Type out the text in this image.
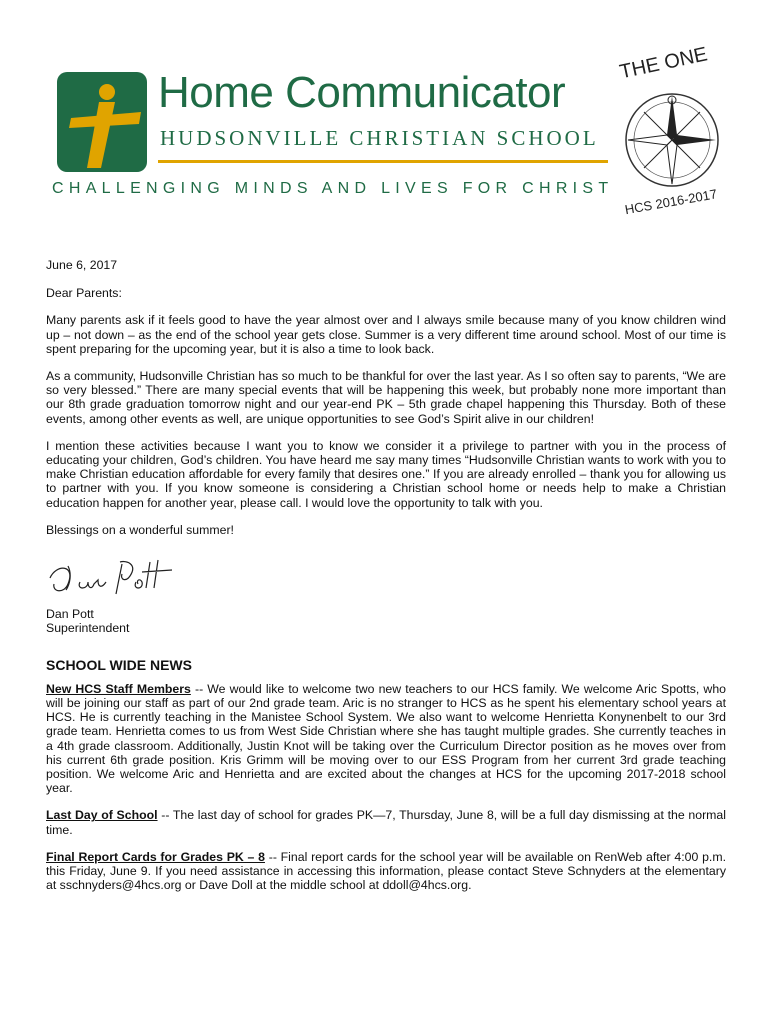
Home Communicator
HUDSONVILLE CHRISTIAN SCHOOL
CHALLENGING MINDS AND LIVES FOR CHRIST
THE ONE
HCS 2016-2017

June 6, 2017

Dear Parents:

Many parents ask if it feels good to have the year almost over and I always smile because many of you know children wind up – not down – as the end of the school year gets close. Summer is a very different time around school. Most of our time is spent preparing for the upcoming year, but it is also a time to look back.

As a community, Hudsonville Christian has so much to be thankful for over the last year. As I so often say to parents, “We are so very blessed.” There are many special events that will be happening this week, but probably none more important than our 8th grade graduation tomorrow night and our year-end PK – 5th grade chapel happening this Thursday. Both of these events, among other events as well, are unique opportunities to see God’s Spirit alive in our children!

I mention these activities because I want you to know we consider it a privilege to partner with you in the process of educating your children, God’s children. You have heard me say many times “Hudsonville Christian wants to work with you to make Christian education affordable for every family that desires one.” If you are already enrolled – thank you for allowing us to partner with you. If you know someone is considering a Christian school home or needs help to make a Christian education happen for another year, please call. I would love the opportunity to talk with you.

Blessings on a wonderful summer!

Dan Pott

Superintendent

SCHOOL WIDE NEWS

New HCS Staff Members -- We would like to welcome two new teachers to our HCS family. We welcome Aric Spotts, who will be joining our staff as part of our 2nd grade team. Aric is no stranger to HCS as he spent his elementary school years at HCS. He is currently teaching in the Manistee School System. We also want to welcome Henrietta Konynenbelt to our 3rd grade team. Henrietta comes to us from West Side Christian where she has taught multiple grades. She currently teaches in a 4th grade classroom. Additionally, Justin Knot will be taking over the Curriculum Director position as he moves over from his current 6th grade position. Kris Grimm will be moving over to our ESS Program from her current 3rd grade teaching position. We welcome Aric and Henrietta and are excited about the changes at HCS for the upcoming 2017-2018 school year.

Last Day of School -- The last day of school for grades PK—7, Thursday, June 8, will be a full day dismissing at the normal time.

Final Report Cards for Grades PK – 8 -- Final report cards for the school year will be available on RenWeb after 4:00 p.m. this Friday, June 9. If you need assistance in accessing this information, please contact Steve Schnyders at the elementary at sschnyders@4hcs.org or Dave Doll at the middle school at ddoll@4hcs.org.
